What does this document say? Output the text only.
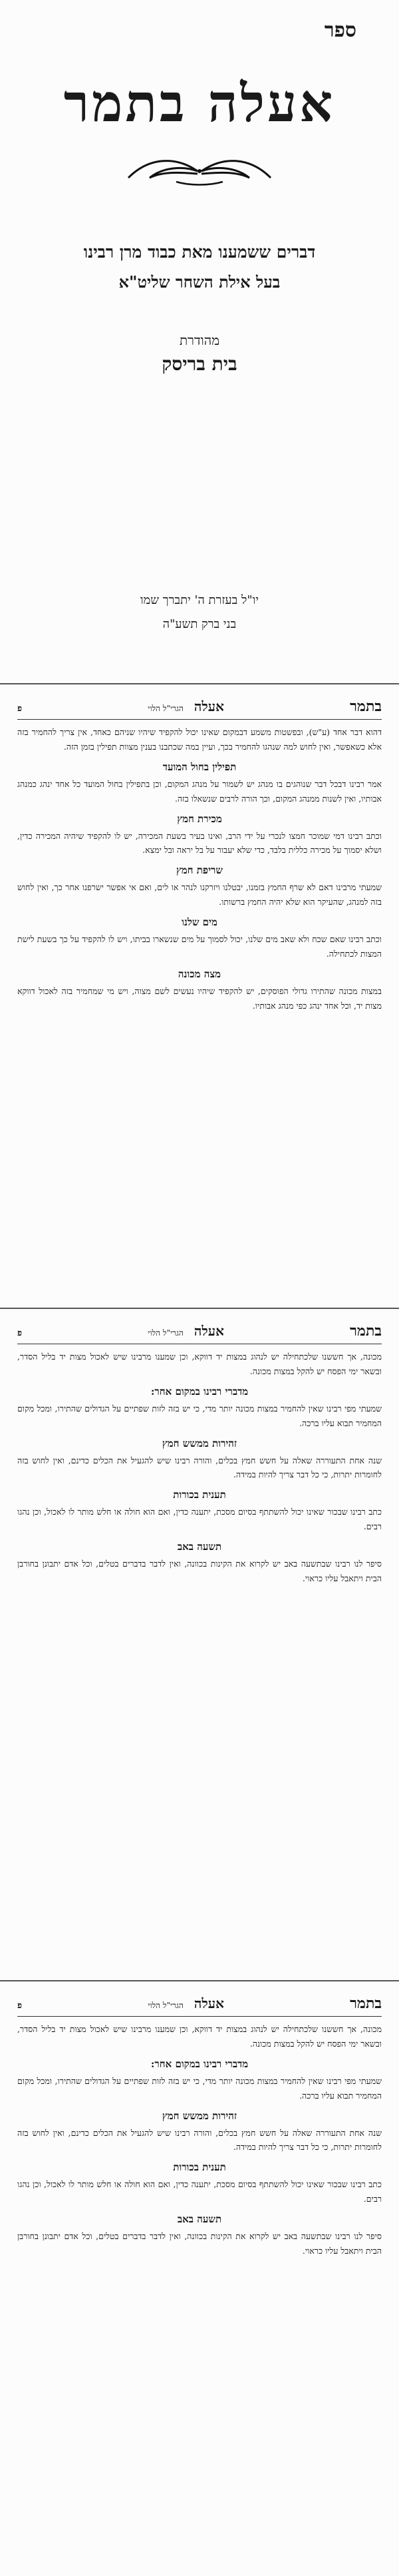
ספר
אעלה בתמר
דברים ששמענו מאת כבוד מרן רבינו
בעל אילת השחר שליט"א
מהודרת
בית בריסק
יו"ל בעזרת ה' יתברך שמו
בני ברק תשע"ה
בתמר
אעלה
הגרי"ל הלוי
פ

דהוא דבר אחד (ע"ש), ובפשטות משמע דבמקום שאינו יכול להקפיד שיהיו שניהם כאחד, אין צריך להחמיר בזה אלא כשאפשר, ואין לחוש למה שנהגו להחמיר בכך, ועיין במה שכתבנו בענין מצוות תפילין בזמן הזה.

תפילין בחול המועד

אמר רבינו דבכל דבר שנוהגים בו מנהג יש לשמור על מנהג המקום, וכן בתפילין בחול המועד כל אחד ינהג כמנהג אבותיו, ואין לשנות ממנהג המקום, וכך הורה לרבים שנשאלו בזה.

מכירת חמץ

וכתב רבינו דמי שמוכר חמצו לנכרי על ידי הרב, ואינו בעיר בשעת המכירה, יש לו להקפיד שיהיה המכירה כדין, ושלא יסמוך על מכירה כללית בלבד, כדי שלא יעבור על בל יראה ובל ימצא.

שריפת חמץ

שמעתי מרבינו דאם לא שרף החמץ בזמנו, יבטלנו ויזרקנו לנהר או לים, ואם אי אפשר ישרפנו אחר כך, ואין לחוש בזה למנהג, שהעיקר הוא שלא יהיה החמץ ברשותו.

מים שלנו

וכתב רבינו שאם שכח ולא שאב מים שלנו, יכול לסמוך על מים שנשארו בביתו, ויש לו להקפיד על כך בשעת לישת המצות לכתחילה.

מצה מכונה

במצות מכונה שהתירו גדולי הפוסקים, יש להקפיד שיהיו נעשים לשם מצוה, ויש מי שמחמיר בזה לאכול דווקא מצות יד, וכל אחד ינהג כפי מנהג אבותיו.

בתמר
אעלה
הגרי"ל הלוי
פ

מכונה, אך חששנו שלכתחילה יש לנהוג במצות יד דווקא, וכן שמענו מרבינו שיש לאכול מצות יד בליל הסדר, ובשאר ימי הפסח יש להקל במצות מכונה.

מדברי רבינו במקום אחר:

שמעתי מפי רבינו שאין להחמיר במצות מכונה יותר מדי, כי יש בזה לזות שפתיים על הגדולים שהתירו, ומכל מקום המחמיר תבוא עליו ברכה.

זהירות ממשש חמץ

שנה אחת התעוררה שאלה על חשש חמץ בכלים, והורה רבינו שיש להגעיל את הכלים כדינם, ואין לחוש בזה לחומרות יתרות, כי כל דבר צריך להיות במידה.

תענית בכורות

כתב רבינו שבכור שאינו יכול להשתתף בסיום מסכת, יתענה כדין, ואם הוא חולה או חלש מותר לו לאכול, וכן נהגו רבים.

תשעה באב

סיפר לנו רבינו שבתשעה באב יש לקרוא את הקינות בכוונה, ואין לדבר בדברים בטלים, וכל אדם יתבונן בחורבן הבית ויתאבל עליו כראוי.

בתמר
אעלה
הגרי"ל הלוי
פ

מכונה, אך חששנו שלכתחילה יש לנהוג במצות יד דווקא, וכן שמענו מרבינו שיש לאכול מצות יד בליל הסדר, ובשאר ימי הפסח יש להקל במצות מכונה.

מדברי רבינו במקום אחר:

שמעתי מפי רבינו שאין להחמיר במצות מכונה יותר מדי, כי יש בזה לזות שפתיים על הגדולים שהתירו, ומכל מקום המחמיר תבוא עליו ברכה.

זהירות ממשש חמץ

שנה אחת התעוררה שאלה על חשש חמץ בכלים, והורה רבינו שיש להגעיל את הכלים כדינם, ואין לחוש בזה לחומרות יתרות, כי כל דבר צריך להיות במידה.

תענית בכורות

כתב רבינו שבכור שאינו יכול להשתתף בסיום מסכת, יתענה כדין, ואם הוא חולה או חלש מותר לו לאכול, וכן נהגו רבים.

תשעה באב

סיפר לנו רבינו שבתשעה באב יש לקרוא את הקינות בכוונה, ואין לדבר בדברים בטלים, וכל אדם יתבונן בחורבן הבית ויתאבל עליו כראוי.
